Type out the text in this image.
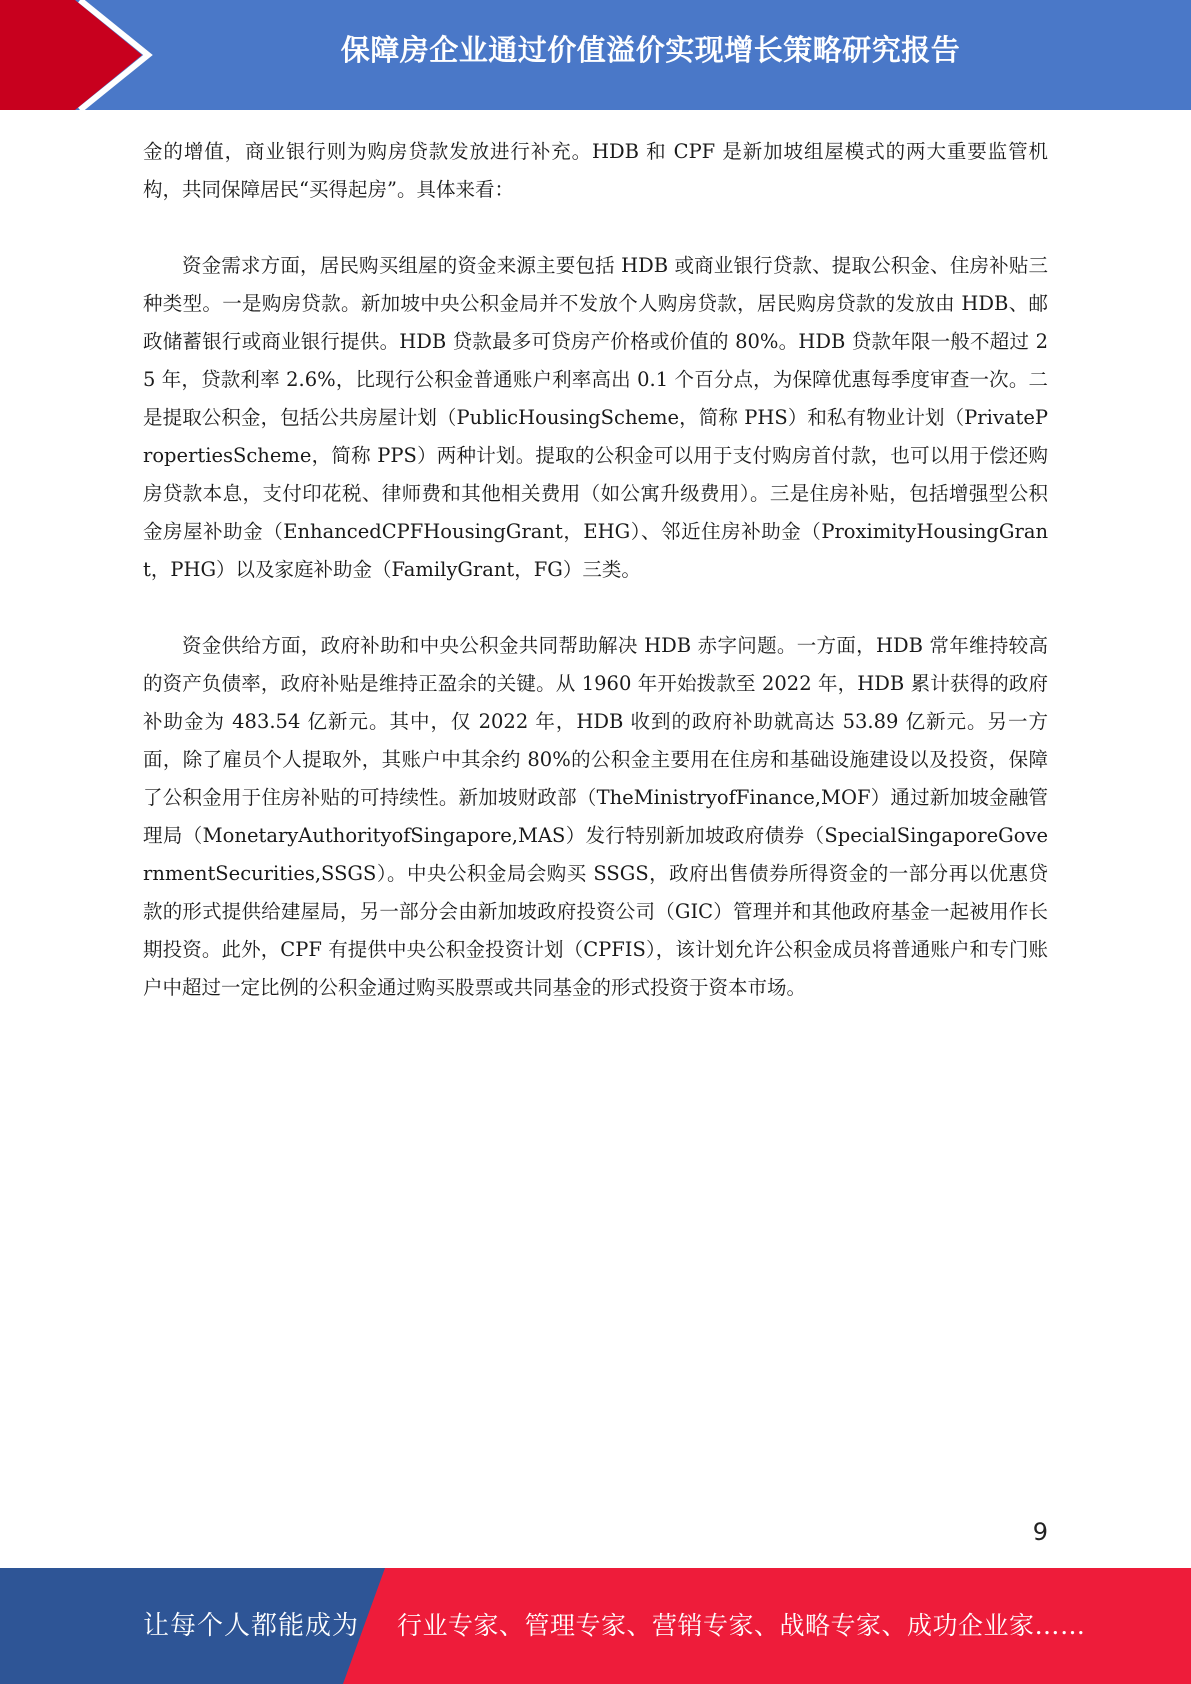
保障房企业通过价值溢价实现增长策略研究报告

金的增值，商业银行则为购房贷款发放进行补充。HDB 和 CPF 是新加坡组屋模式的两大重要监管机构，共同保障居民“买得起房”。具体来看：

资金需求方面，居民购买组屋的资金来源主要包括 HDB 或商业银行贷款、提取公积金、住房补贴三种类型。一是购房贷款。新加坡中央公积金局并不发放个人购房贷款，居民购房贷款的发放由 HDB、邮政储蓄银行或商业银行提供。HDB 贷款最多可贷房产价格或价值的 80%。HDB 贷款年限一般不超过 25 年，贷款利率 2.6%，比现行公积金普通账户利率高出 0.1 个百分点，为保障优惠每季度审查一次。二是提取公积金，包括公共房屋计划（PublicHousingScheme，简称 PHS）和私有物业计划（PrivatePropertiesScheme，简称 PPS）两种计划。提取的公积金可以用于支付购房首付款，也可以用于偿还购房贷款本息，支付印花税、律师费和其他相关费用（如公寓升级费用）。三是住房补贴，包括增强型公积金房屋补助金（EnhancedCPFHousingGrant，EHG）、邻近住房补助金（ProximityHousingGrant，PHG）以及家庭补助金（FamilyGrant，FG）三类。

资金供给方面，政府补助和中央公积金共同帮助解决 HDB 赤字问题。一方面，HDB 常年维持较高的资产负债率，政府补贴是维持正盈余的关键。从 1960 年开始拨款至 2022 年，HDB 累计获得的政府补助金为 483.54 亿新元。其中，仅 2022 年，HDB 收到的政府补助就高达 53.89 亿新元。另一方面，除了雇员个人提取外，其账户中其余约 80%的公积金主要用在住房和基础设施建设以及投资，保障了公积金用于住房补贴的可持续性。新加坡财政部（TheMinistryofFinance,MOF）通过新加坡金融管理局（MonetaryAuthorityofSingapore,MAS）发行特别新加坡政府债券（SpecialSingaporeGovernmentSecurities,SSGS）。中央公积金局会购买 SSGS，政府出售债券所得资金的一部分再以优惠贷款的形式提供给建屋局，另一部分会由新加坡政府投资公司（GIC）管理并和其他政府基金一起被用作长期投资。此外，CPF 有提供中央公积金投资计划（CPFIS），该计划允许公积金成员将普通账户和专门账户中超过一定比例的公积金通过购买股票或共同基金的形式投资于资本市场。

9
让每个人都能成为 行业专家、管理专家、营销专家、战略专家、成功企业家……
